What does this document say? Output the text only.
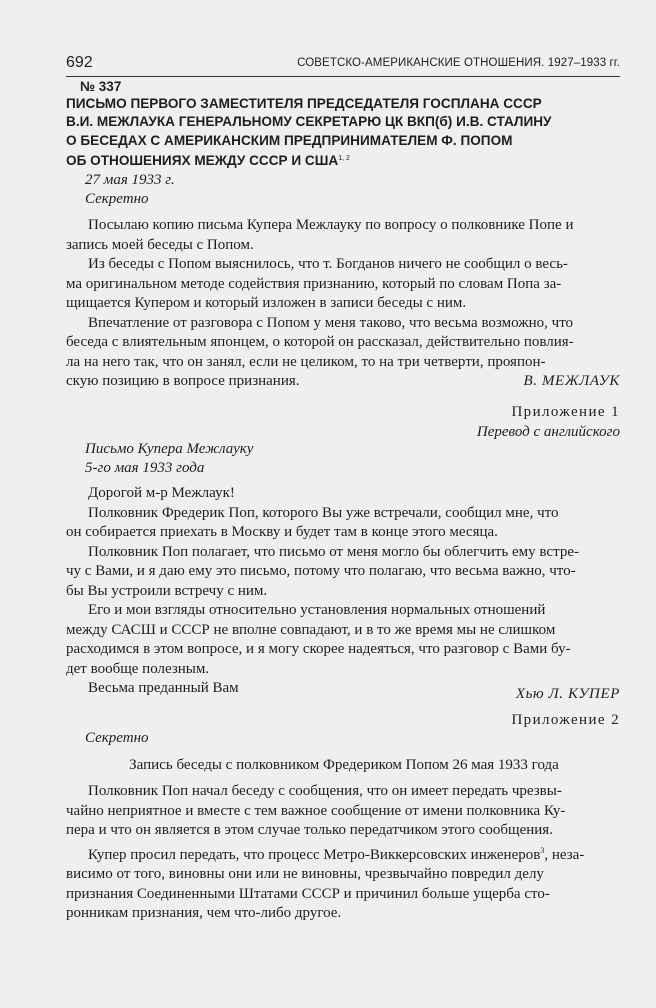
692	СОВЕТСКО-АМЕРИКАНСКИЕ ОТНОШЕНИЯ. 1927–1933 гг.
№ 337
ПИСЬМО ПЕРВОГО ЗАМЕСТИТЕЛЯ ПРЕДСЕДАТЕЛЯ ГОСПЛАНА СССР
В.И. МЕЖЛАУКА ГЕНЕРАЛЬНОМУ СЕКРЕТАРЮ ЦК ВКП(б) И.В. СТАЛИНУ
О БЕСЕДАХ С АМЕРИКАНСКИМ ПРЕДПРИНИМАТЕЛЕМ Ф. ПОПОМ
ОБ ОТНОШЕНИЯХ МЕЖДУ СССР И США$^{1, 2}$
27 мая 1933 г.
Секретно

Посылаю копию письма Купера Межлауку по вопросу о полковнике Попе и
запись моей беседы с Попом.

Из беседы с Попом выяснилось, что т. Богданов ничего не сообщил о весь-
ма оригинальном методе содействия признанию, который по словам Попа за-
щищается Купером и который изложен в записи беседы с ним.

Впечатление от разговора с Попом у меня таково, что весьма возможно, что
беседа с влиятельным японцем, о которой он рассказал, действительно повлия-
ла на него так, что он занял, если не целиком, то на три четверти, прояпон-
скую позицию в вопросе признания.	В. МЕЖЛАУК
Приложение 1
Перевод с английского
Письмо Купера Межлауку
5-го мая 1933 года

Дорогой м-р Межлаук!

Полковник Фредерик Поп, которого Вы уже встречали, сообщил мне, что
он собирается приехать в Москву и будет там в конце этого месяца.

Полковник Поп полагает, что письмо от меня могло бы облегчить ему встре-
чу с Вами, и я даю ему это письмо, потому что полагаю, что весьма важно, что-
бы Вы устроили встречу с ним.

Его и мои взгляды относительно установления нормальных отношений
между САСШ и СССР не вполне совпадают, и в то же время мы не слишком
расходимся в этом вопросе, и я могу скорее надеяться, что разговор с Вами бу-
дет вообще полезным.

Весьма преданный Вам	Хью Л. КУПЕР
Приложение 2
Секретно
Запись беседы с полковником Фредериком Попом 26 мая 1933 года

Полковник Поп начал беседу с сообщения, что он имеет передать чрезвы-
чайно неприятное и вместе с тем важное сообщение от имени полковника Ку-
пера и что он является в этом случае только передатчиком этого сообщения.

Купер просил передать, что процесс Метро-Виккерсовских инженеров$^3$, неза-
висимо от того, виновны они или не виновны, чрезвычайно повредил делу
признания Соединенными Штатами СССР и причинил больше ущерба сто-
ронникам признания, чем что-либо другое.
